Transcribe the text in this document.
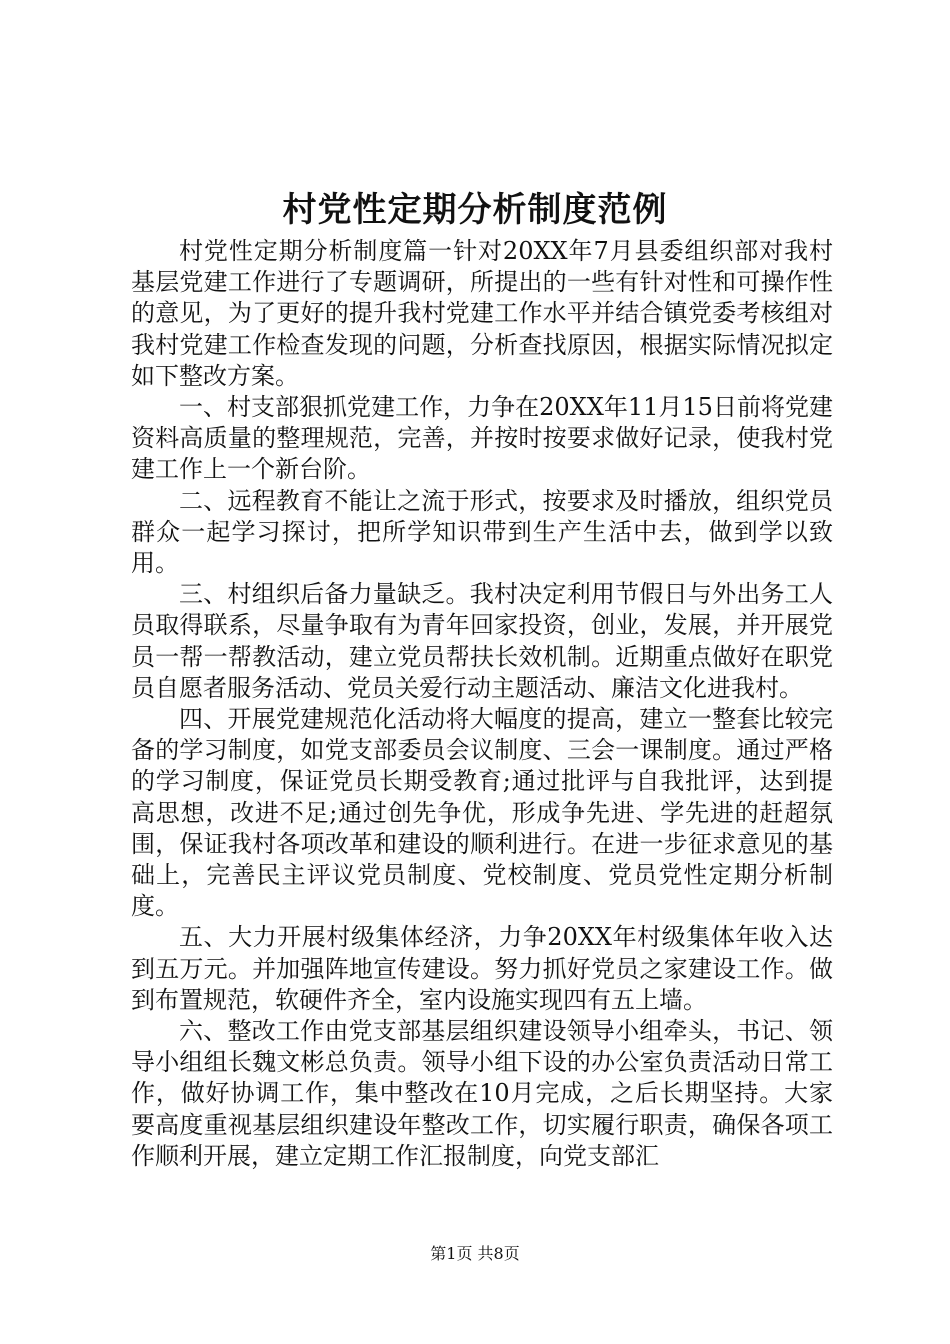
村党性定期分析制度范例

村党性定期分析制度篇一针对20XX年7月县委组织部对我村基层党建工作进行了专题调研，所提出的一些有针对性和可操作性的意见，为了更好的提升我村党建工作水平并结合镇党委考核组对我村党建工作检查发现的问题，分析查找原因，根据实际情况拟定如下整改方案。

一、村支部狠抓党建工作，力争在20XX年11月15日前将党建资料高质量的整理规范，完善，并按时按要求做好记录，使我村党建工作上一个新台阶。

二、远程教育不能让之流于形式，按要求及时播放，组织党员群众一起学习探讨，把所学知识带到生产生活中去，做到学以致用。

三、村组织后备力量缺乏。我村决定利用节假日与外出务工人员取得联系，尽量争取有为青年回家投资，创业，发展，并开展党员一帮一帮教活动，建立党员帮扶长效机制。近期重点做好在职党员自愿者服务活动、党员关爱行动主题活动、廉洁文化进我村。

四、开展党建规范化活动将大幅度的提高，建立一整套比较完备的学习制度，如党支部委员会议制度、三会一课制度。通过严格的学习制度，保证党员长期受教育;通过批评与自我批评，达到提高思想，改进不足;通过创先争优，形成争先进、学先进的赶超氛围，保证我村各项改革和建设的顺利进行。在进一步征求意见的基础上，完善民主评议党员制度、党校制度、党员党性定期分析制度。

五、大力开展村级集体经济，力争20XX年村级集体年收入达到五万元。并加强阵地宣传建设。努力抓好党员之家建设工作。做到布置规范，软硬件齐全，室内设施实现四有五上墙。

六、整改工作由党支部基层组织建设领导小组牵头，书记、领导小组组长魏文彬总负责。领导小组下设的办公室负责活动日常工作，做好协调工作，集中整改在10月完成，之后长期坚持。大家要高度重视基层组织建设年整改工作，切实履行职责，确保各项工作顺利开展，建立定期工作汇报制度，向党支部汇

第1页 共8页
